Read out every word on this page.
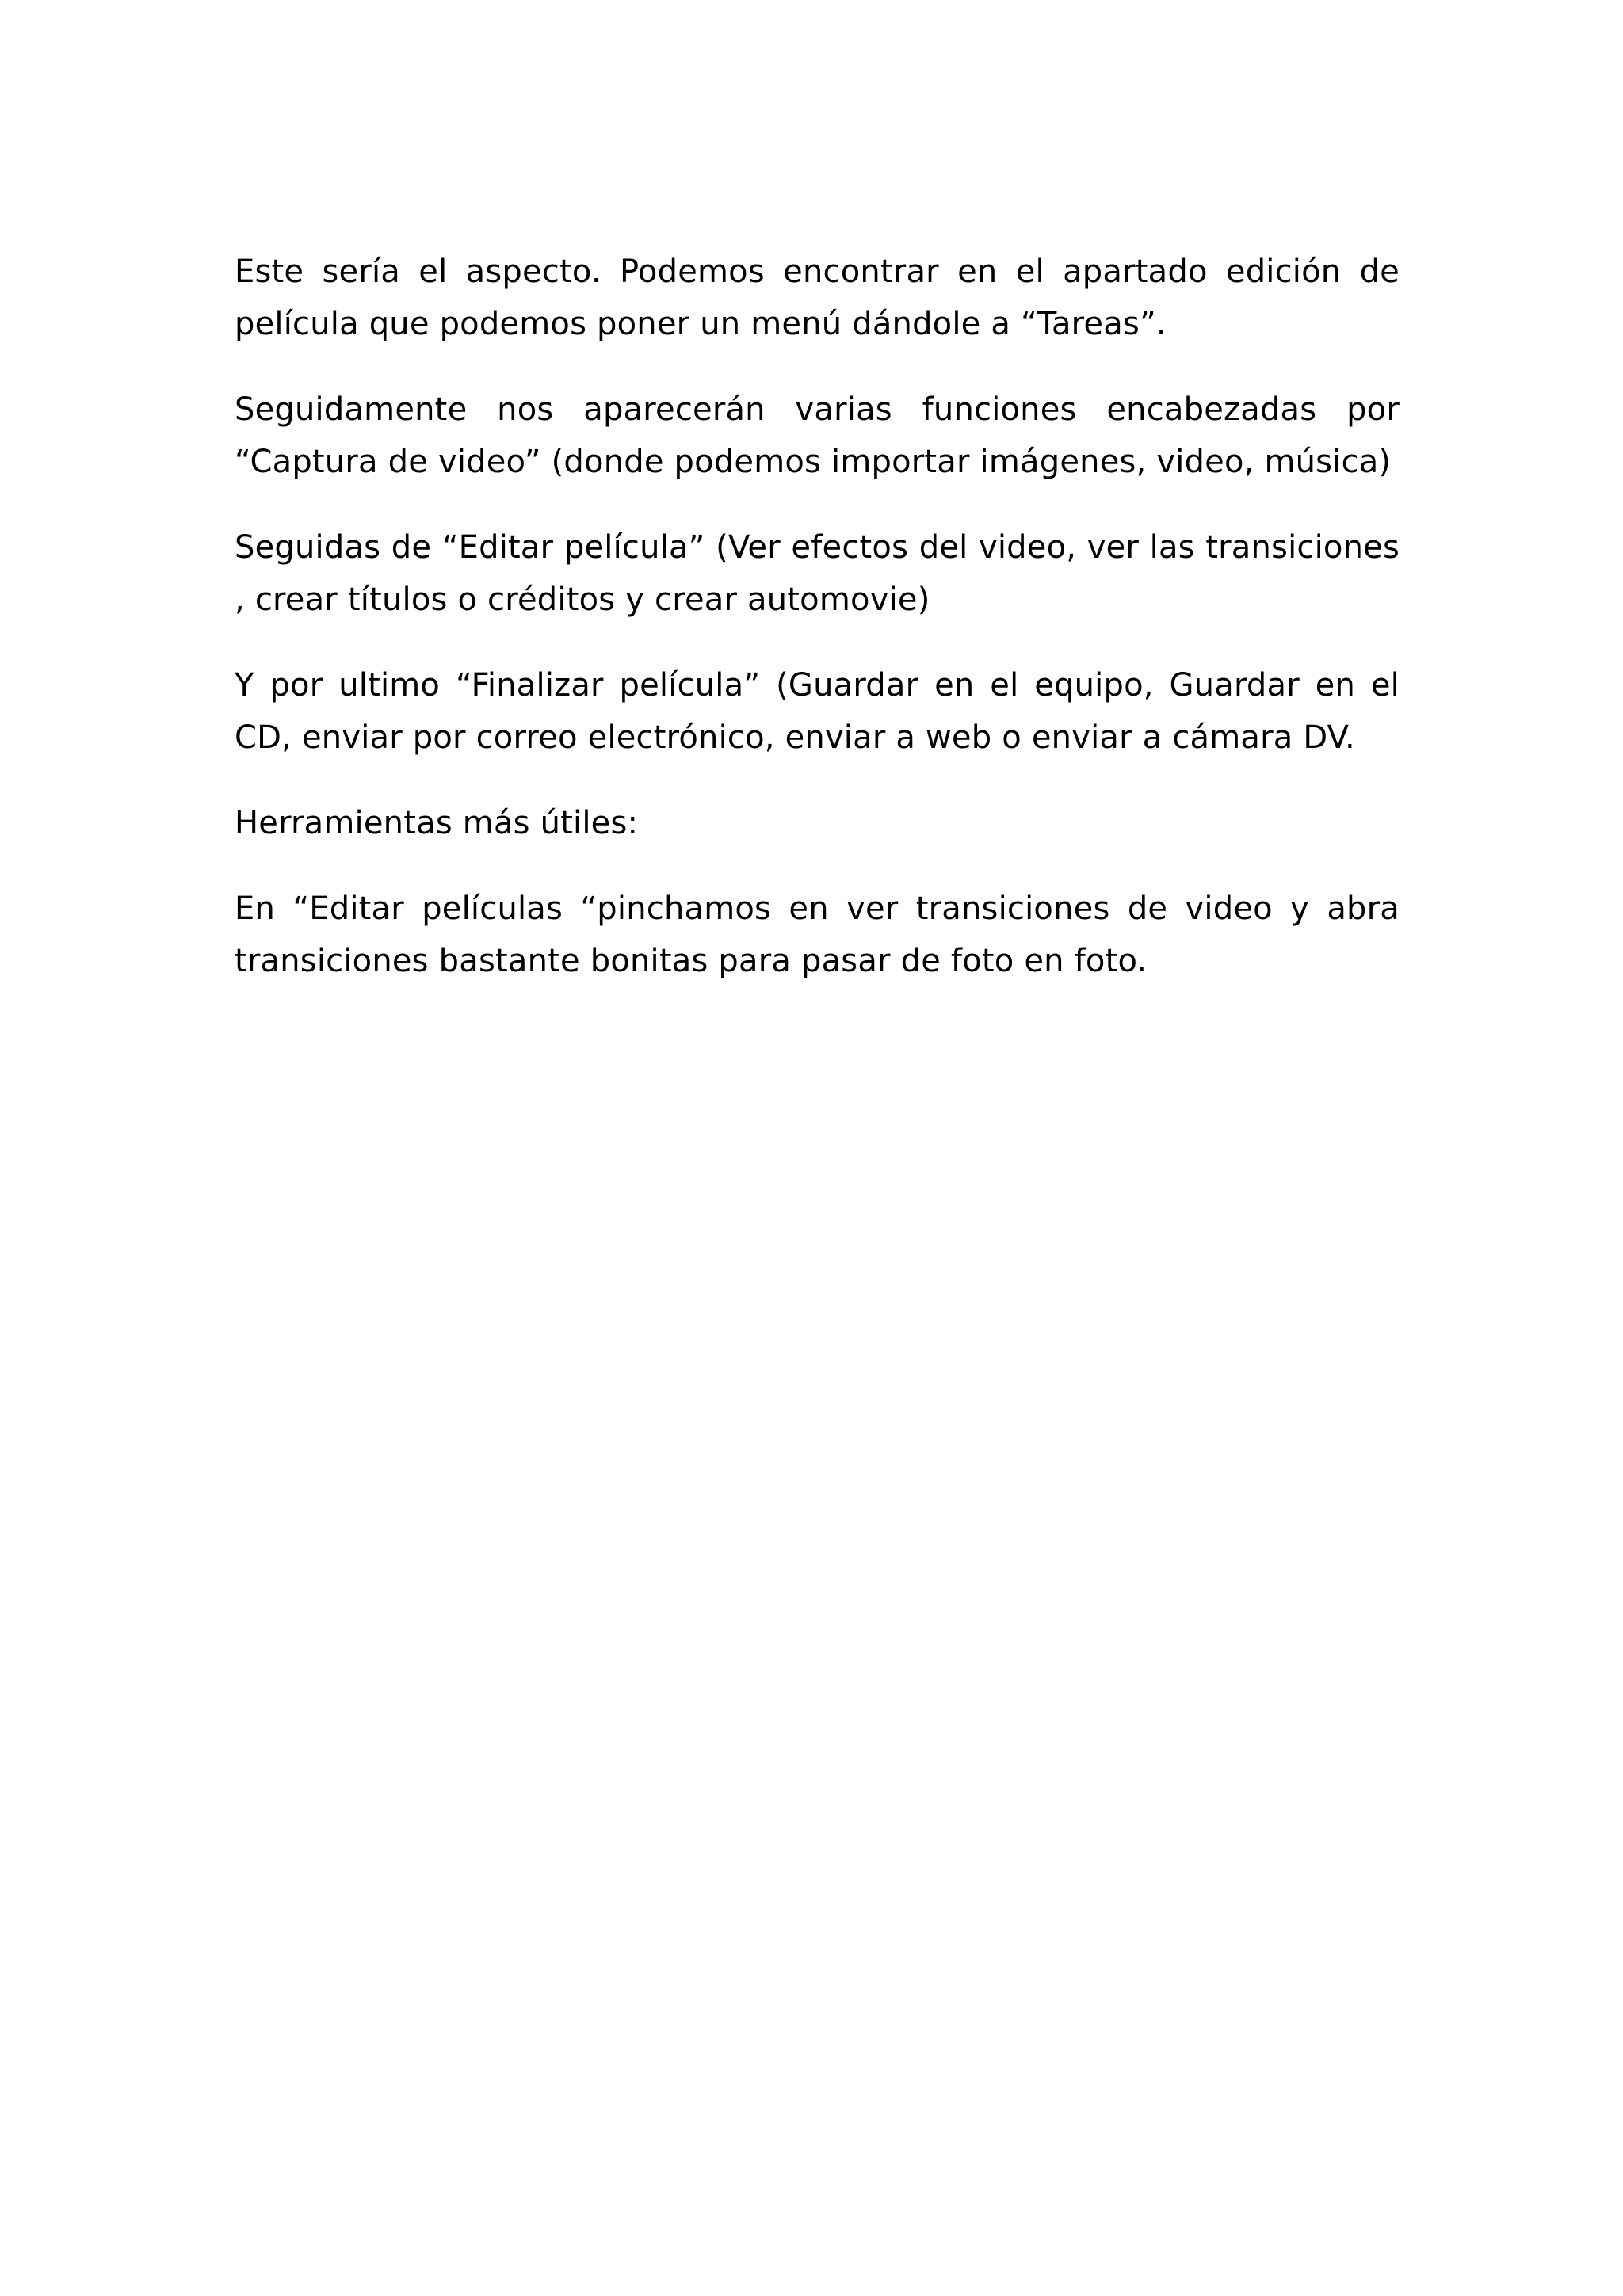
Este sería el aspecto. Podemos encontrar en el apartado edición de película que podemos poner un menú dándole a “Tareas”.

Seguidamente nos aparecerán varias funciones encabezadas por “Captura de video” (donde podemos importar imágenes, video, música)

Seguidas de “Editar película” (Ver efectos del video, ver las transiciones , crear títulos o créditos y crear automovie)

Y por ultimo “Finalizar película” (Guardar en el equipo, Guardar en el CD, enviar por correo electrónico, enviar a web o enviar a cámara DV.

Herramientas más útiles:

En “Editar películas “pinchamos en ver transiciones de video y abra transiciones bastante bonitas para pasar de foto en foto.
